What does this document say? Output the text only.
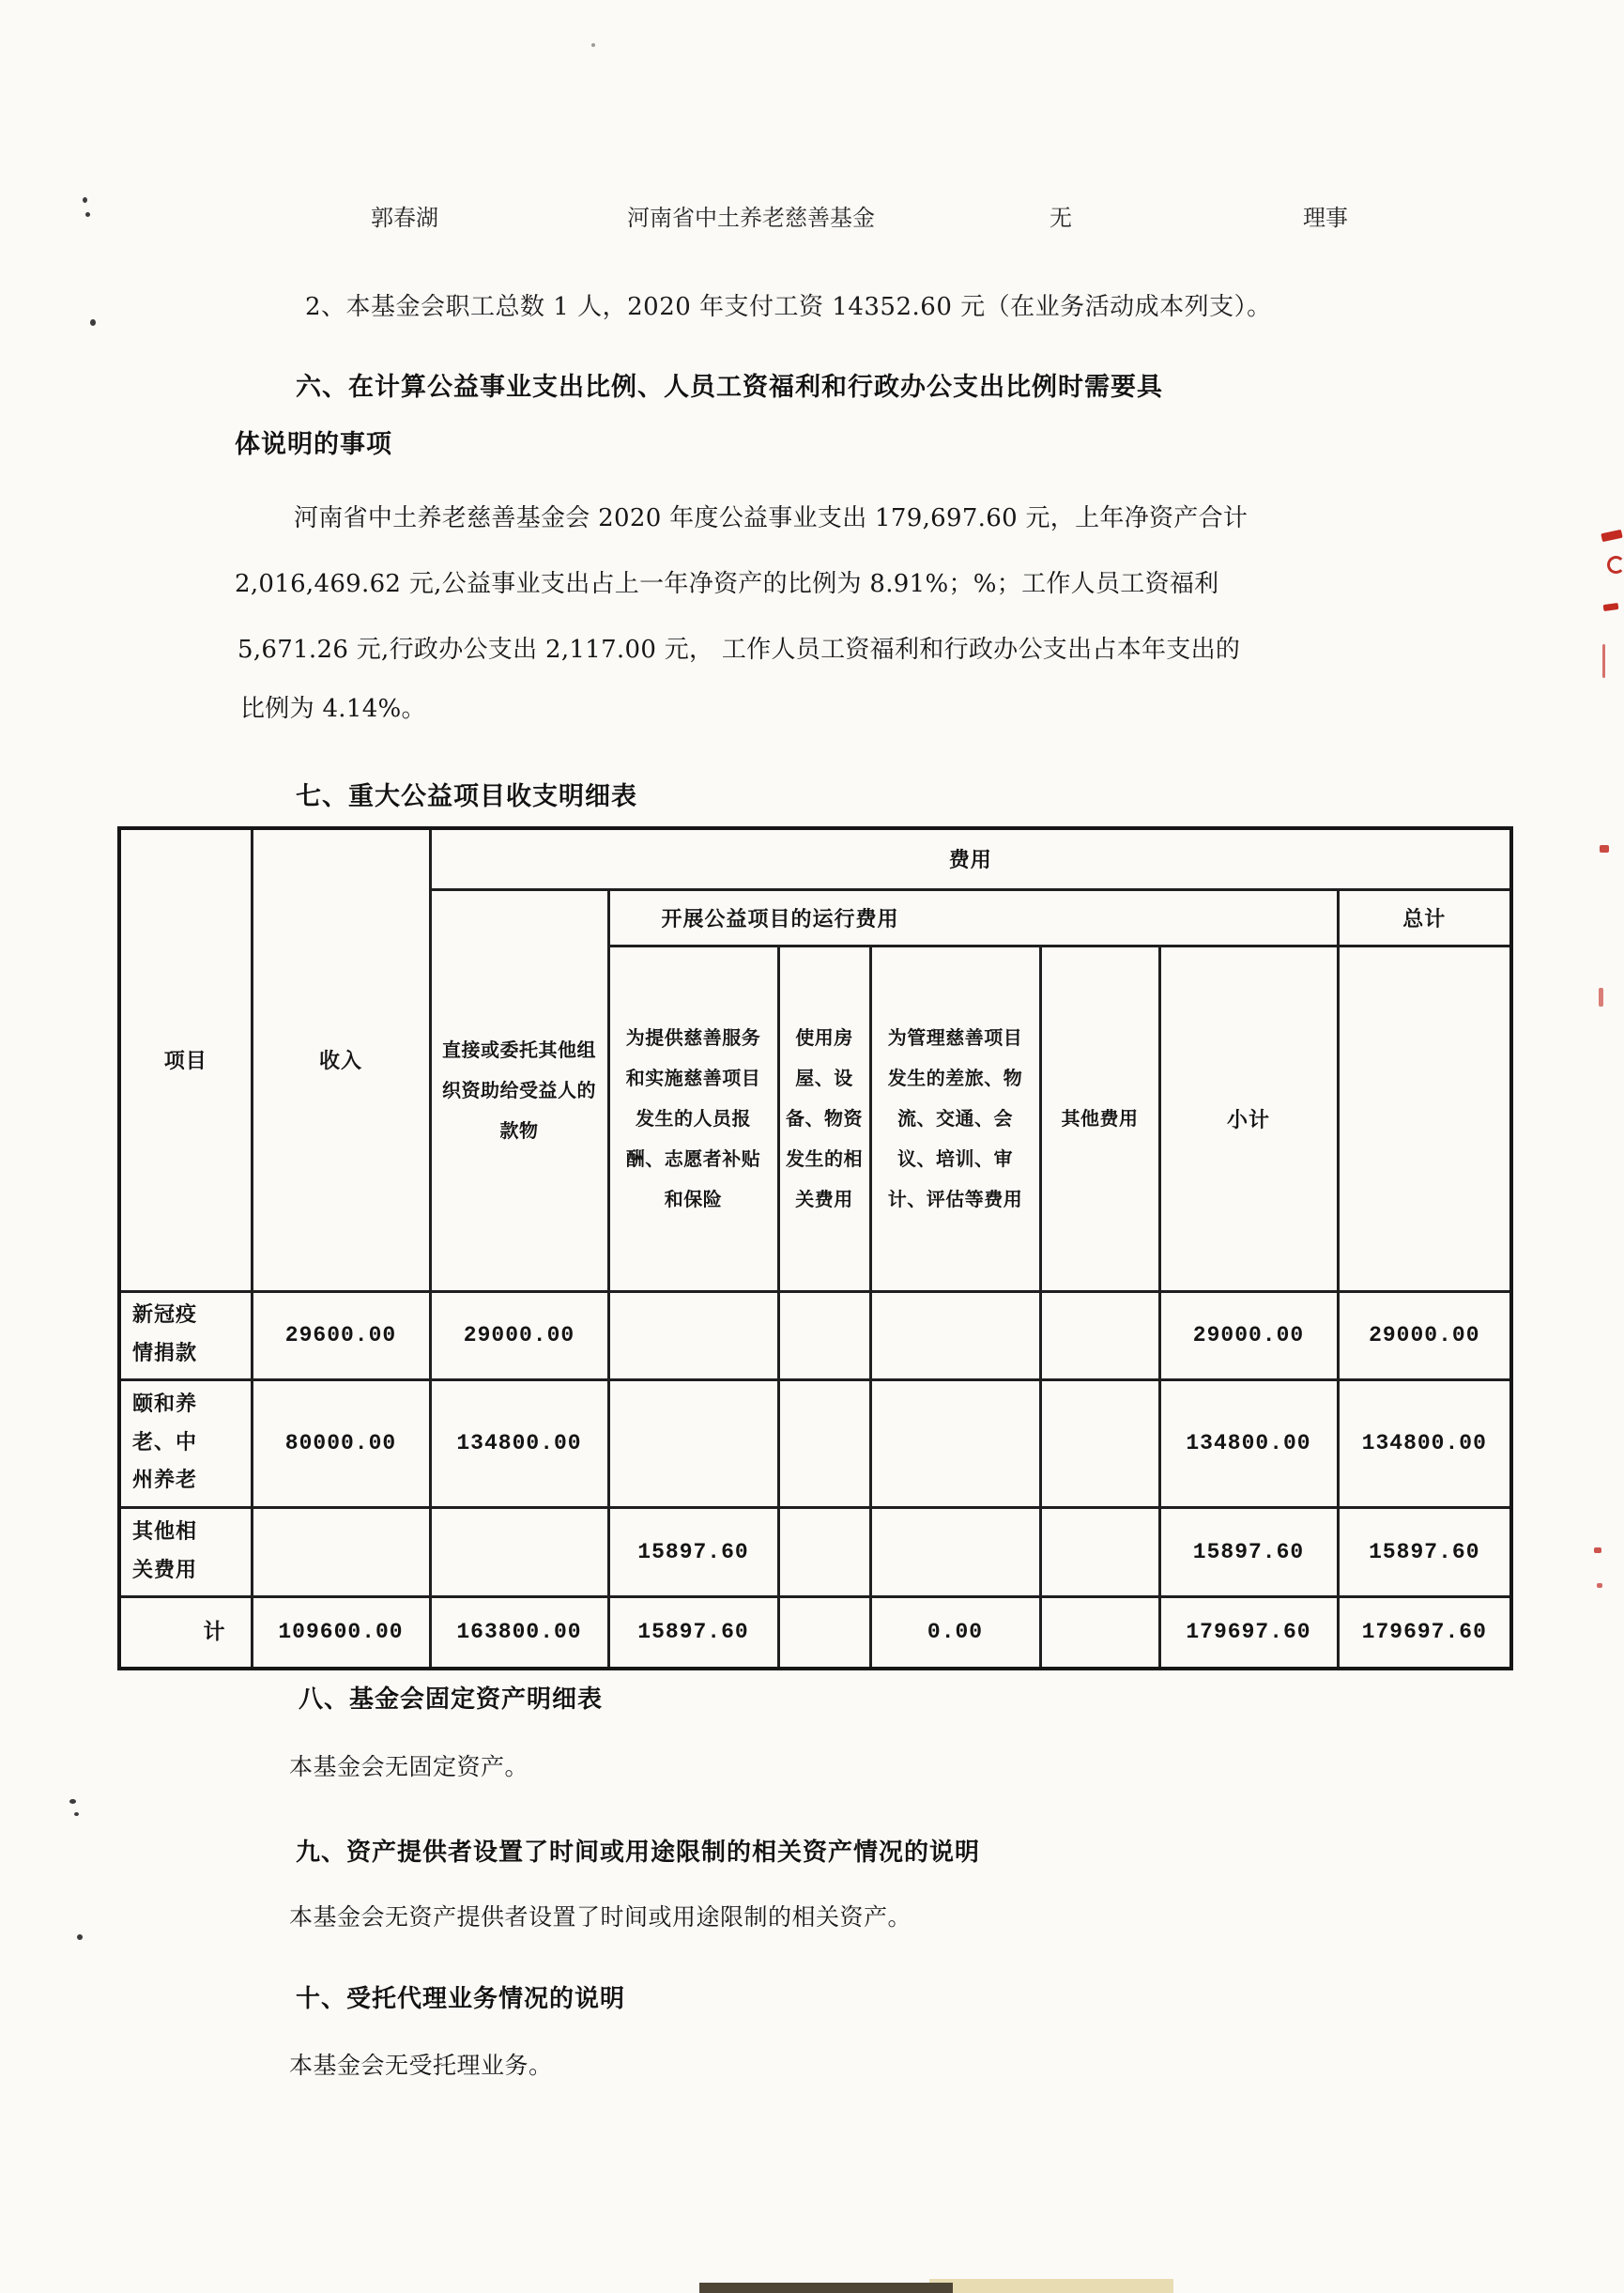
郭春湖	河南省中土养老慈善基金	无	理事
2、本基金会职工总数 1 人，2020 年支付工资 14352.60 元（在业务活动成本列支）。
六、在计算公益事业支出比例、人员工资福利和行政办公支出比例时需要具
体说明的事项
河南省中土养老慈善基金会 2020 年度公益事业支出 179,697.60 元，上年净资产合计
2,016,469.62 元,公益事业支出占上一年净资产的比例为 8.91%；%；工作人员工资福利
5,671.26 元,行政办公支出 2,117.00 元， 工作人员工资福利和行政办公支出占本年支出的
比例为 4.14%。
七、重大公益项目收支明细表
项目	收入	费用						
		直接或委托其他组织资助给受益人的款物	开展公益项目的运行费用					总计
			为提供慈善服务和实施慈善项目发生的人员报酬、志愿者补贴和保险	使用房屋、设备、物资发生的相关费用	为管理慈善项目发生的差旅、物流、交通、会议、培训、审计、评估等费用	其他费用	小计	
新冠疫情捐款	29600.00	29000.00					29000.00	29000.00
颐和养老、中州养老	80000.00	134800.00					134800.00	134800.00
其他相关费用			15897.60				15897.60	15897.60
计	109600.00	163800.00	15897.60		0.00		179697.60	179697.60
八、基金会固定资产明细表
本基金会无固定资产。
九、资产提供者设置了时间或用途限制的相关资产情况的说明
本基金会无资产提供者设置了时间或用途限制的相关资产。
十、受托代理业务情况的说明
本基金会无受托理业务。
